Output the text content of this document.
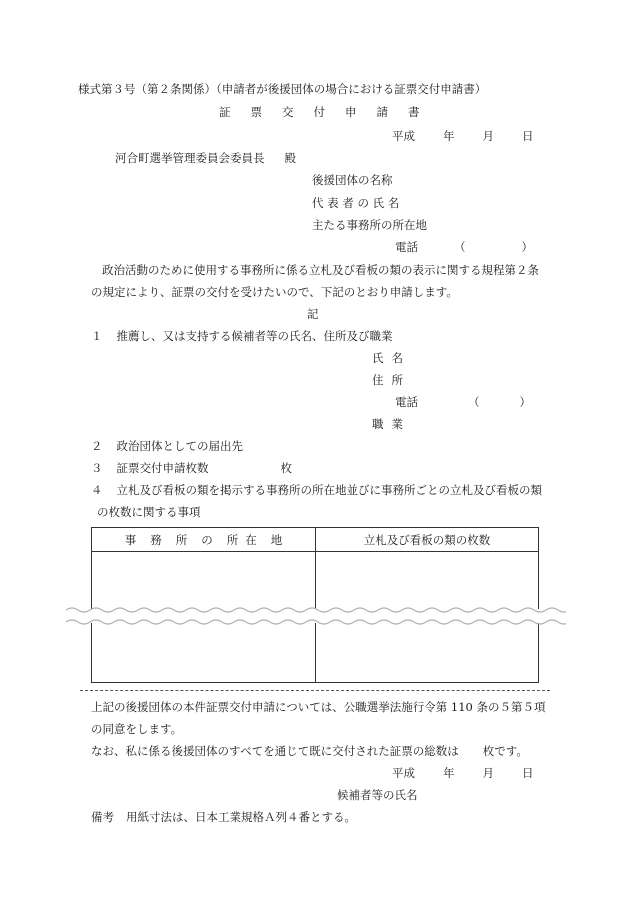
様式第３号（第２条関係）（申請者が後援団体の場合における証票交付申請書）
証 票 交 付 申 請 書
平成 年 月 日
河合町選挙管理委員会委員長 殿
後援団体の名称
代 表 者 の 氏 名
主たる事務所の所在地
電話	（	）
政治活動のために使用する事務所に係る立札及び看板の類の表示に関する規程第２条
の規定により、証票の交付を受けたいので、下記のとおり申請します。
記
１ 推薦し、又は支持する候補者等の氏名、住所及び職業
氏 名
住 所
電話	（	）
職 業
２ 政治団体としての届出先
３ 証票交付申請枚数	枚
４ 立札及び看板の類を掲示する事務所の所在地並びに事務所ごとの立札及び看板の類
の枚数に関する事項
事 務 所 の 所 在 地	立札及び看板の類の枚数
上記の後援団体の本件証票交付申請については、公職選挙法施行令第 110 条の５第５項
の同意をします。
なお、私に係る後援団体のすべてを通じて既に交付された証票の総数は 枚です。
平成 年 月 日
候補者等の氏名
備考 用紙寸法は、日本工業規格Ａ列４番とする。
